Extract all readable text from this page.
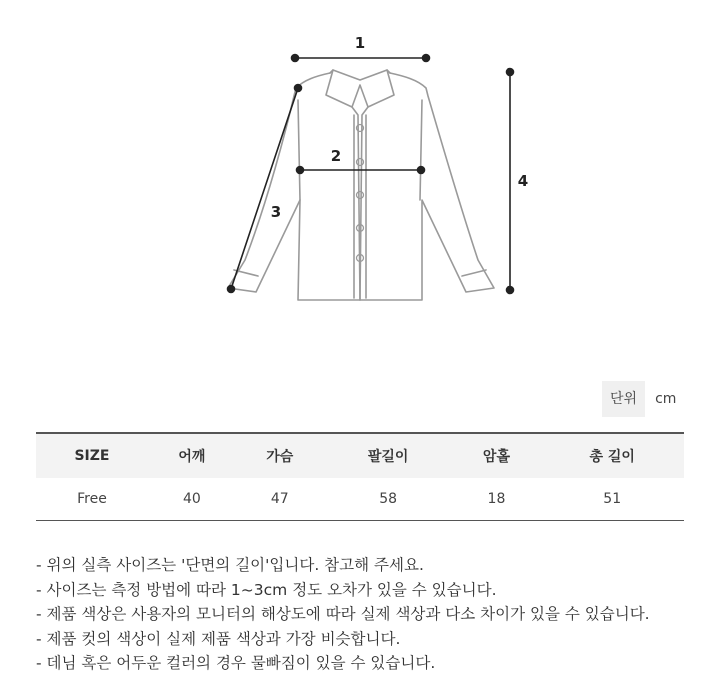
1
2
3
4
단위	cm
SIZE	어깨	가슴	팔길이	암홀	총 길이
Free	40	47	58	18	51
- 위의 실측 사이즈는 '단면의 길이'입니다. 참고해 주세요.
- 사이즈는 측정 방법에 따라 1~3cm 정도 오차가 있을 수 있습니다.
- 제품 색상은 사용자의 모니터의 해상도에 따라 실제 색상과 다소 차이가 있을 수 있습니다.
- 제품 컷의 색상이 실제 제품 색상과 가장 비슷합니다.
- 데님 혹은 어두운 컬러의 경우 물빠짐이 있을 수 있습니다.
